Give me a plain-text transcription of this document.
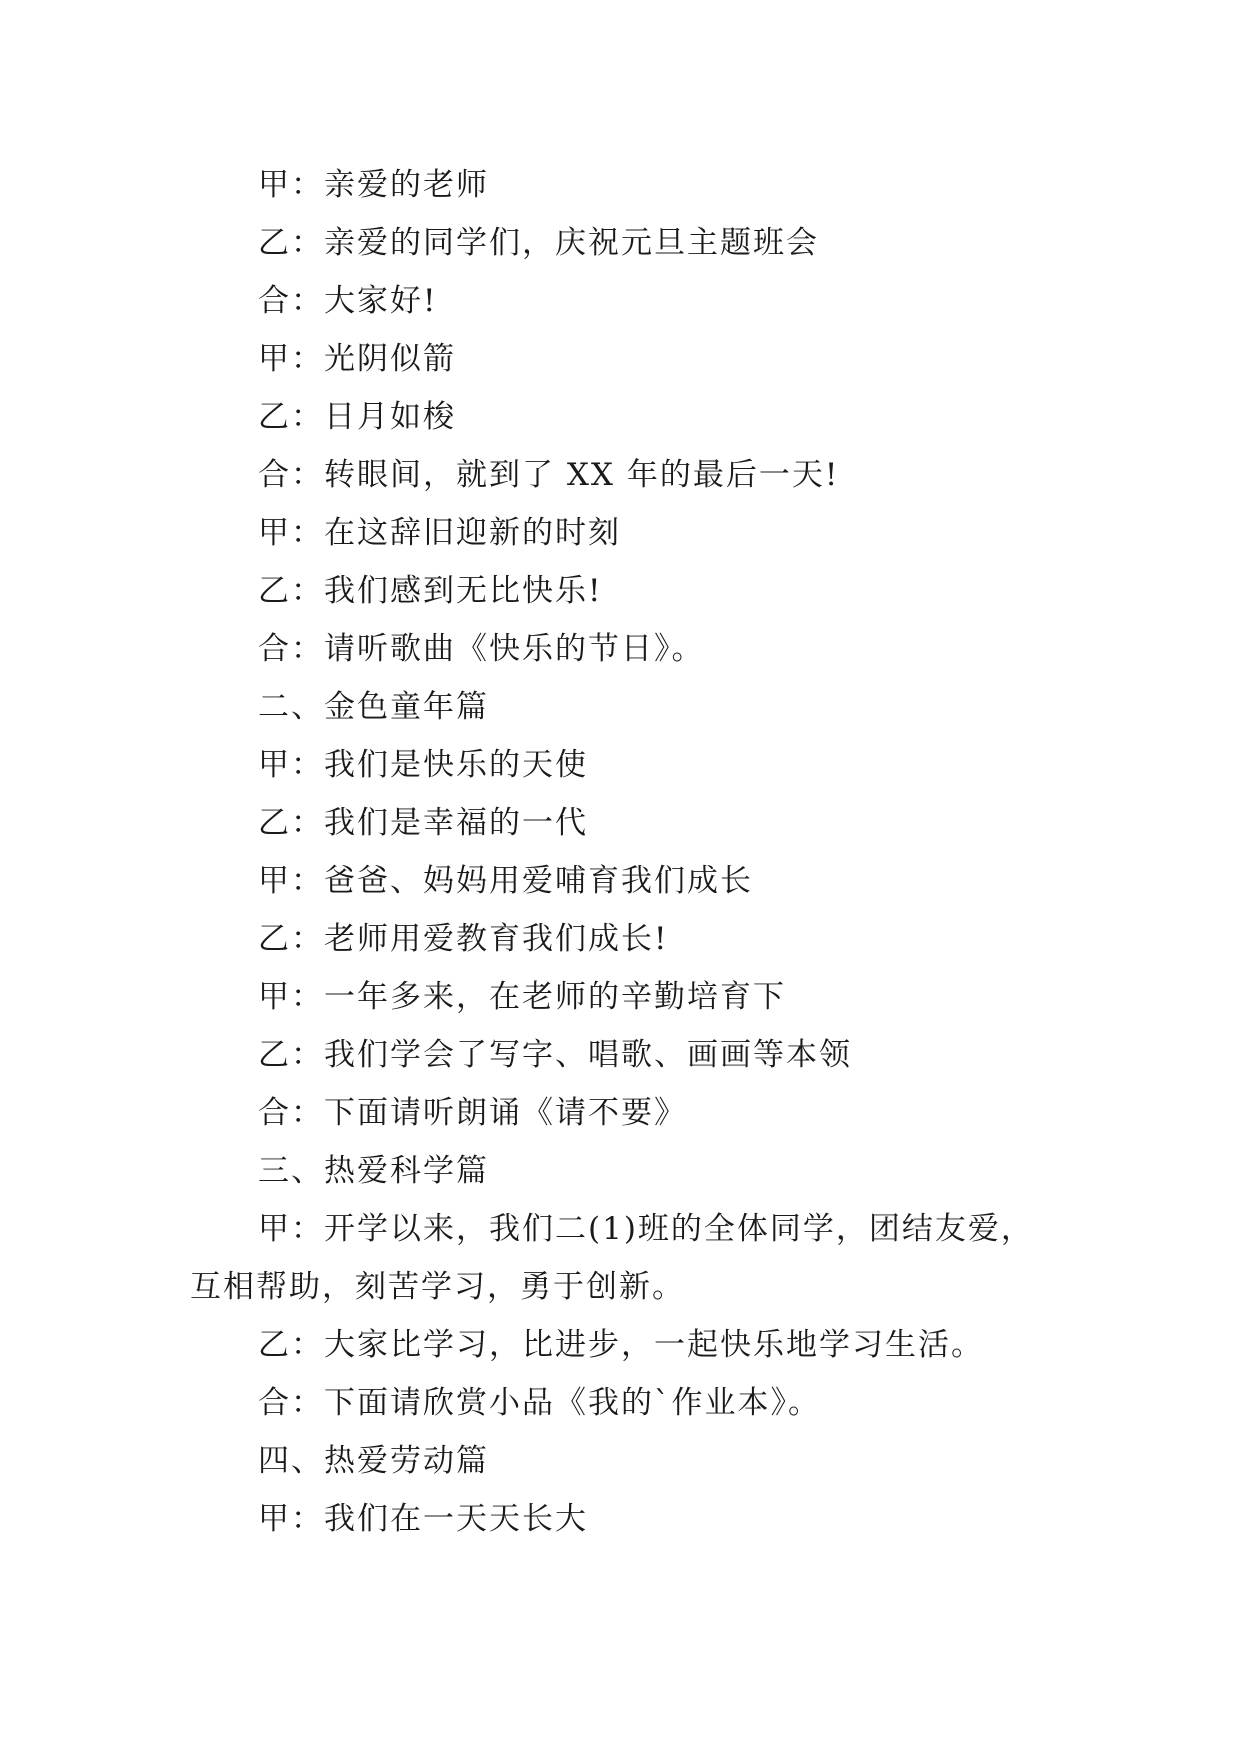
甲：亲爱的老师
乙：亲爱的同学们，庆祝元旦主题班会
合：大家好!
甲：光阴似箭
乙：日月如梭
合：转眼间，就到了 XX 年的最后一天!
甲：在这辞旧迎新的时刻
乙：我们感到无比快乐!
合：请听歌曲《快乐的节日》。
二、金色童年篇
甲：我们是快乐的天使
乙：我们是幸福的一代
甲：爸爸、妈妈用爱哺育我们成长
乙：老师用爱教育我们成长!
甲：一年多来，在老师的辛勤培育下
乙：我们学会了写字、唱歌、画画等本领
合：下面请听朗诵《请不要》
三、热爱科学篇
甲：开学以来，我们二(1)班的全体同学，团结友爱，互相帮助，刻苦学习，勇于创新。
乙：大家比学习，比进步，一起快乐地学习生活。
合：下面请欣赏小品《我的`作业本》。
四、热爱劳动篇
甲：我们在一天天长大
